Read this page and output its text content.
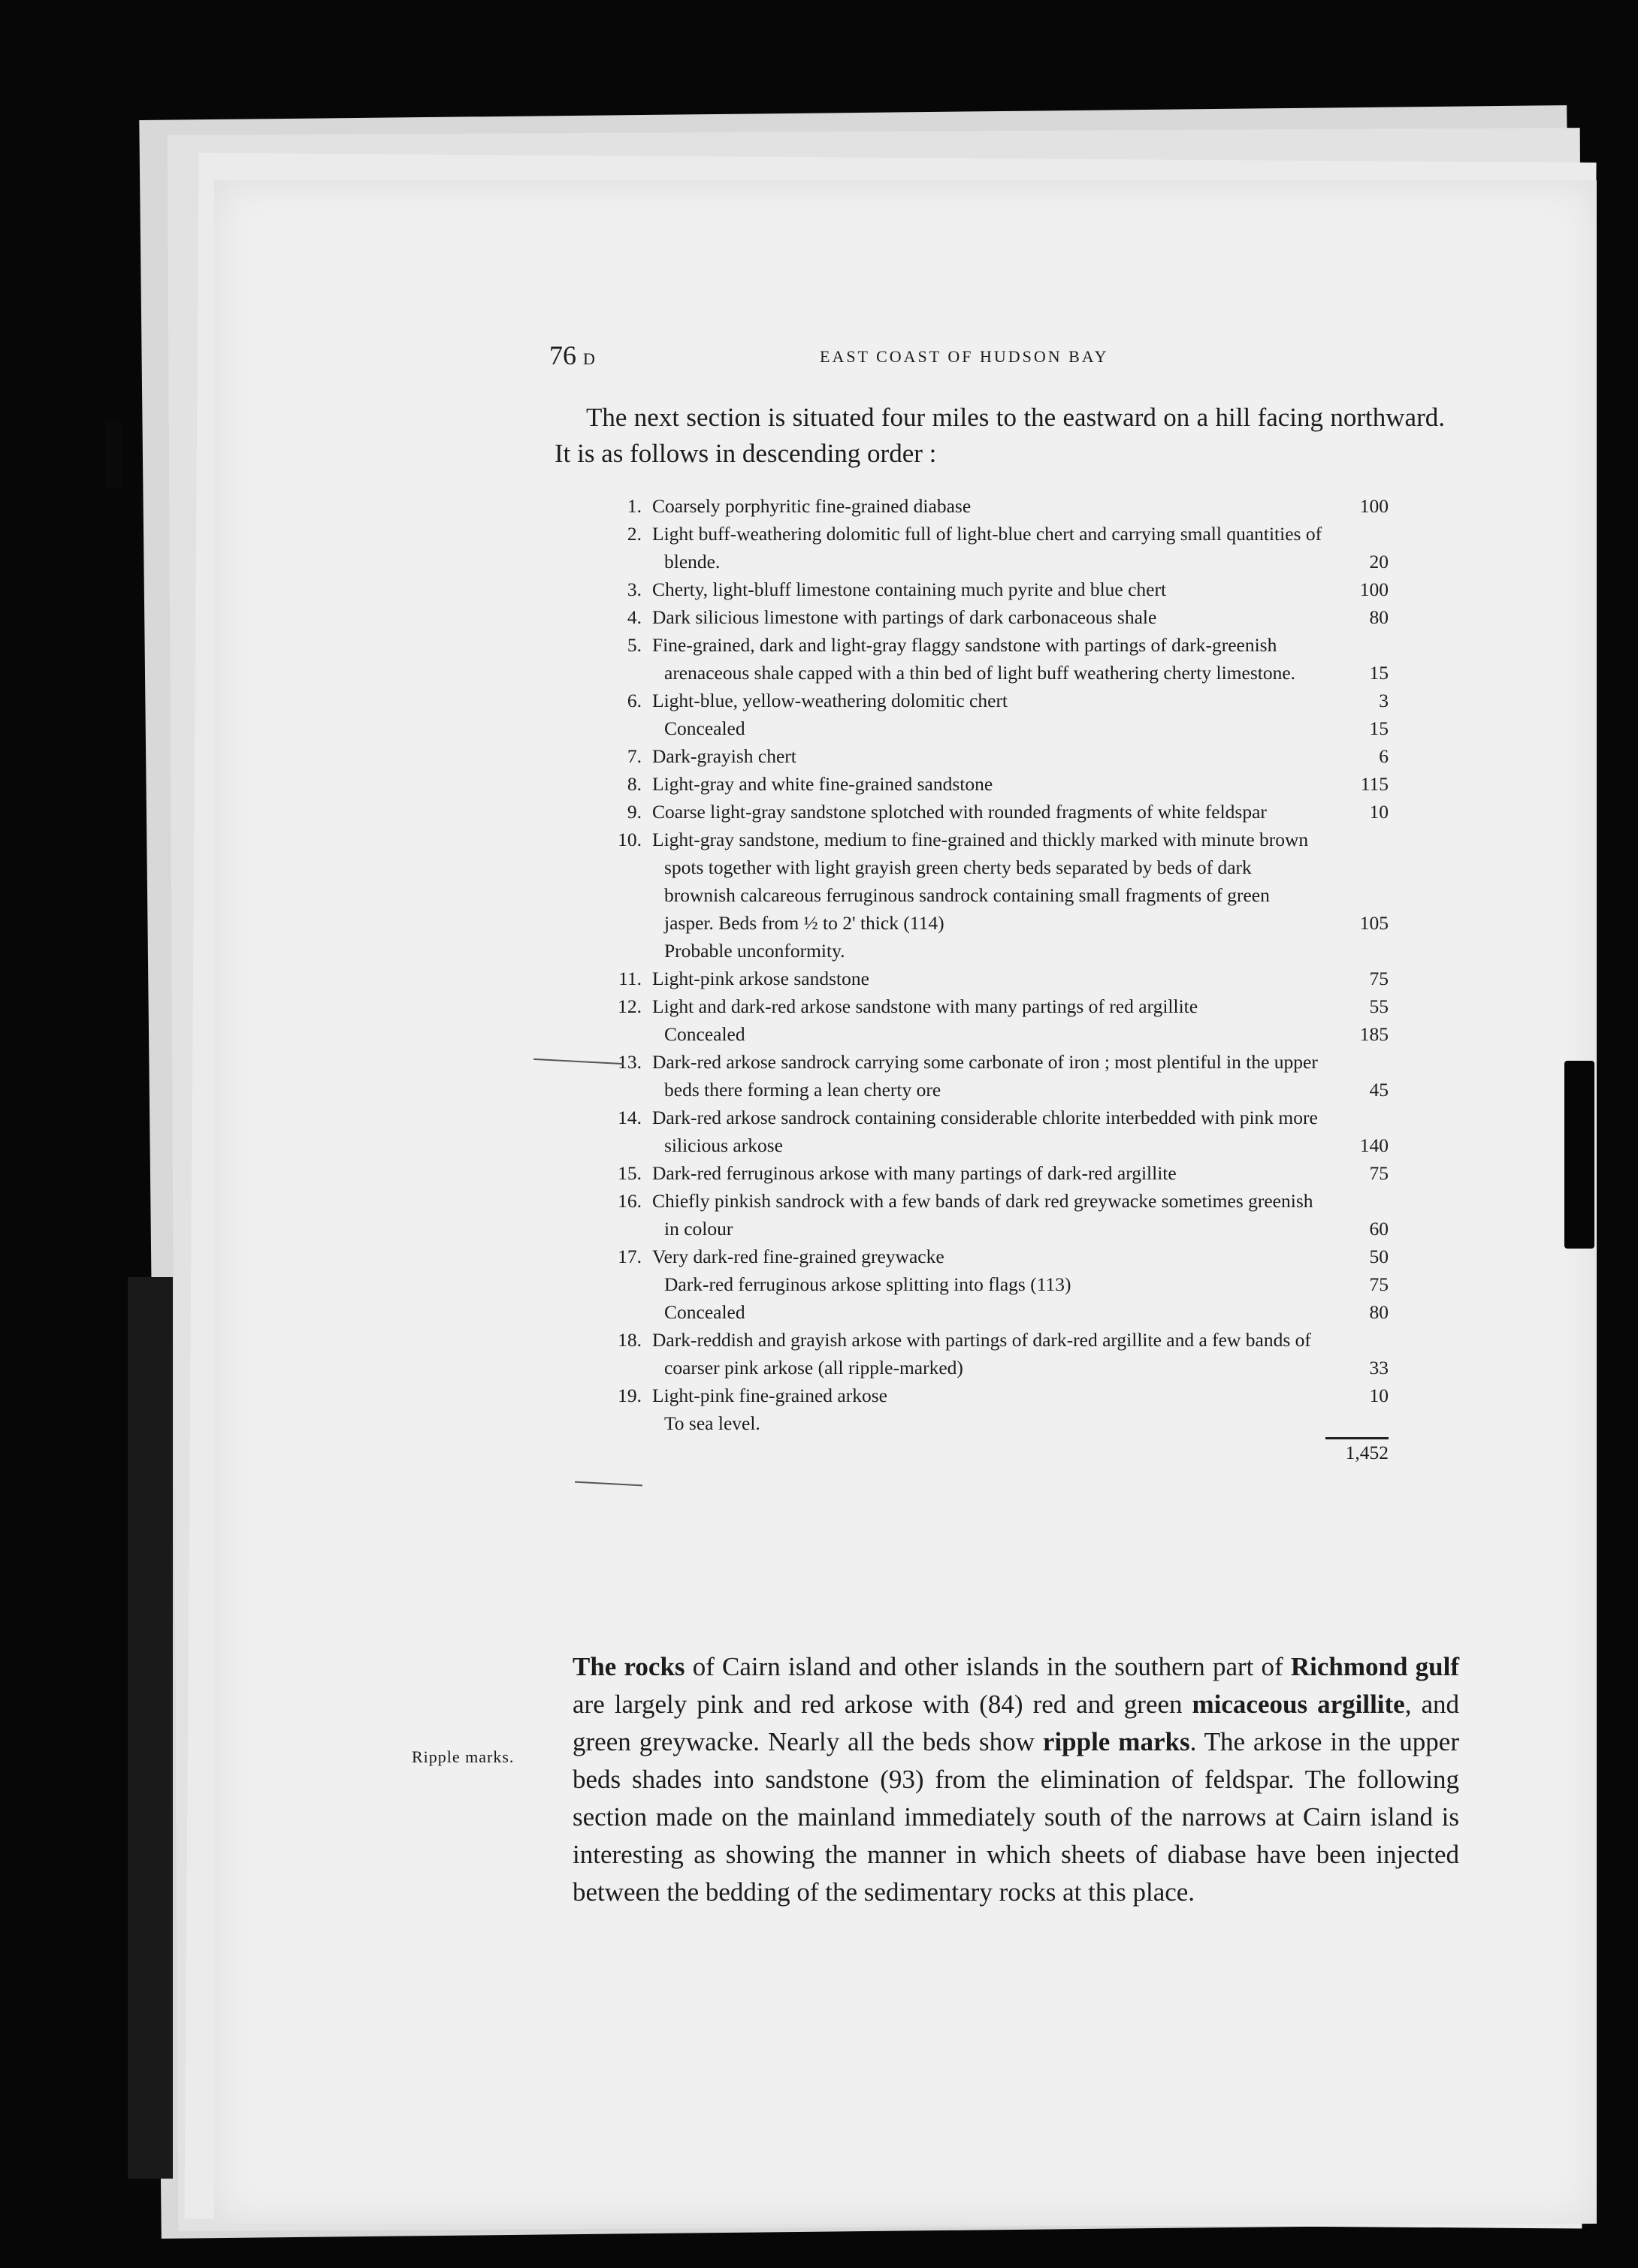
76 D	EAST COAST OF HUDSON BAY

The next section is situated four miles to the eastward on a hill facing northward. It is as follows in descending order :

1. Coarsely porphyritic fine-grained diabase	100
2. Light buff-weathering dolomitic full of light-blue chert and carrying small quantities of blende.	20
3. Cherty, light-bluff limestone containing much pyrite and blue chert	100
4. Dark silicious limestone with partings of dark carbonaceous shale	80
5. Fine-grained, dark and light-gray flaggy sandstone with partings of dark-greenish arenaceous shale capped with a thin bed of light buff weathering cherty limestone.	15
6. Light-blue, yellow-weathering dolomitic chert	3
Concealed	15
7. Dark-grayish chert	6
8. Light-gray and white fine-grained sandstone	115
9. Coarse light-gray sandstone splotched with rounded fragments of white feldspar	10
10. Light-gray sandstone, medium to fine-grained and thickly marked with minute brown spots together with light grayish green cherty beds separated by beds of dark brownish calcareous ferruginous sandrock containing small fragments of green jasper. Beds from ½ to 2' thick (114)	105
Probable unconformity.
11. Light-pink arkose sandstone	75
12. Light and dark-red arkose sandstone with many partings of red argillite	55
Concealed	185
13. Dark-red arkose sandrock carrying some carbonate of iron ; most plentiful in the upper beds there forming a lean cherty ore	45
14. Dark-red arkose sandrock containing considerable chlorite interbedded with pink more silicious arkose	140
15. Dark-red ferruginous arkose with many partings of dark-red argillite	75
16. Chiefly pinkish sandrock with a few bands of dark red greywacke sometimes greenish in colour	60
17. Very dark-red fine-grained greywacke	50
Dark-red ferruginous arkose splitting into flags (113)	75
Concealed	80
18. Dark-reddish and grayish arkose with partings of dark-red argillite and a few bands of coarser pink arkose (all ripple-marked)	33
19. Light-pink fine-grained arkose	10
To sea level.
1,452
Ripple marks.

The rocks of Cairn island and other islands in the southern part of Richmond gulf are largely pink and red arkose with (84) red and green micaceous argillite, and green greywacke. Nearly all the beds show ripple marks. The arkose in the upper beds shades into sandstone (93) from the elimination of feldspar. The following section made on the mainland immediately south of the narrows at Cairn island is interesting as showing the manner in which sheets of diabase have been injected between the bedding of the sedimentary rocks at this place.
